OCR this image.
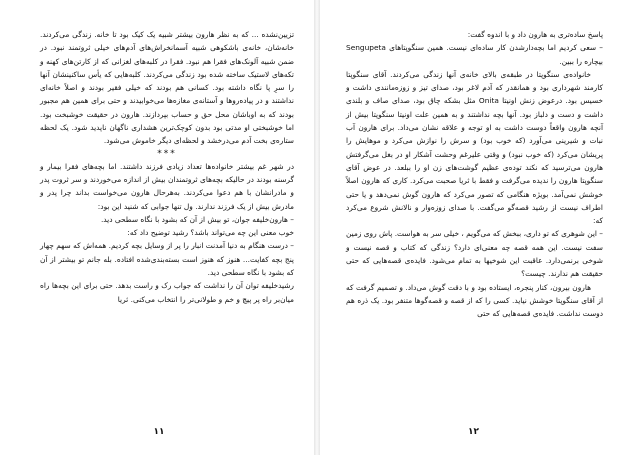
تزیین‌نشده ... که به نظر هارون بیشتر شبیه یک کیک بود تا خانه. زندگی می‌کردند. خانه‌شان، خانه‌ی باشکوهی شبیه آسمانخراش‌های آدم‌های خیلی ثروتمند نبود. در ضمن شبیه آلونک‌های فقرا هم نبود. فقرا در کلبه‌های لغزانی که از کارتن‌های کهنه و تکه‌های لاستیک ساخته شده بود زندگی می‌کردند. کلبه‌هایی که یأس ساکنینشان آنها را سرِ پا نگاه داشته بود. کسانی هم بودند که خیلی فقیر بودند و اصلاً خانه‌ای نداشتند و در پیاده‌روها و آستانه‌ی مغازه‌ها می‌خوابیدند و حتی برای همین هم مجبور بودند که به اوباشان محل حق و حساب بپردازند. هارون در حقیقت خوشبخت بود. اما خوشبختی او مدتی بود بدون کوچک‌ترین هشداری ناگهان ناپدید شود. یک لحظه ستاره‌ی بخت آدم می‌درخشد و لحظه‌ای دیگر خاموش می‌شود.

***

در شهر غم بیشتر خانواده‌ها تعداد زیادی فرزند داشتند. اما بچه‌های فقرا بیمار و گرسنه بودند در حالیکه بچه‌های ثروتمندان بیش از اندازه می‌خوردند و سر ثروت پدر و مادرانشان با هم دعوا می‌کردند. به‌هرحال هارون می‌خواست بداند چرا پدر و مادرش بیش از یک فرزند ندارند. ول تنها جوابی که شنید این بود:

– هارون‌خلیفه جوان، تو بیش از آن که بشود با نگاه سطحی دید.

خوب معنی این چه می‌تواند باشد؟ رشید توضیح داد که:

– درست هنگام به دنیا آمدنت انبار را پر از وسایل بچه کردیم. همه‌اش که سهم چهار پنج بچه کفایت... هنوز که هنوز است بسته‌بندی‌شده افتاده. بله جانم تو بیشتر از آن که بشود با نگاه سطحی دید.

رشیدخلیفه توان آن را نداشت که جواب رک و راست بدهد. حتی برای این بچه‌ها راه میان‌بر راه پر پیچ و خم و طولانی‌تر را انتخاب می‌کنی. ثریا

۱۱

پاسخ ساده‌تری به هارون داد و با اندوه گفت:

– سعی کردیم اما بچه‌دارشدن کار ساده‌ای نیست. همین سنگوپتاهای Sengupeta بیچاره را ببین.

خانواده‌ی سنگوپتا در طبقه‌ی بالای خانه‌ی آنها زندگی می‌کردند. آقای سنگوپتا کارمند شهرداری بود و همانقدر که آدم لاغر بود، صدای تیز و زوزه‌مانندی داشت و خسیس بود. درعوض زنش اونیتا Onita مثل بشکه چاق بود، صدای صاف و بلندی داشت و دست و دلباز بود. آنها بچه نداشتند و به همین علت اونیتا سنگوپتا بیش از آنچه هارون واقعاً دوست داشت به او توجه و علاقه نشان می‌داد. برای هارون آب نبات و شیرینی می‌آورد (که خوب بود) و سرش را نوازش می‌کرد و موهایش را پریشان می‌کرد (که خوب نبود) و وقتی علیرغم وحشت آشکار او در بغل می‌گرفتش هارون می‌ترسید که نکند توده‌ی عظیم گوشت‌های زن او را ببلعد. در عوض آقای سنگوپتا هارون را ندیده می‌گرفت و فقط با ثریا صحبت می‌کرد. کاری که هارون اصلاً خوشش نمی‌آمد. بویژه هنگامی که تصور می‌کرد که هارون گوش نمی‌دهد و یا حتی اطراف نیست از رشید قصه‌گو می‌گفت. با صدای زوزه‌وار و نالانش شروع می‌کرد که:

– این شوهری که تو داری، ببخش که می‌گویم ، خیلی سر به هواست. پاش روی زمین سفت نیست. این همه قصه چه معنی‌ای دارد؟ زندگی که کتاب و قصه نیست و شوخی برنمی‌دارد. عاقبت این شوخیها به تمام می‌شود. فایده‌ی قصه‌هایی که حتی حقیقت هم ندارند. چیست؟

هارون بیرون، کنار پنجره، ایستاده بود و با دقت گوش می‌داد. و تصمیم گرفت که از آقای سنگوپتا خوشش نیاید. کسی را که از قصه و قصه‌گوها متنفر بود. یک ذره هم دوست نداشت. فایده‌ی قصه‌هایی که حتی

۱۲
